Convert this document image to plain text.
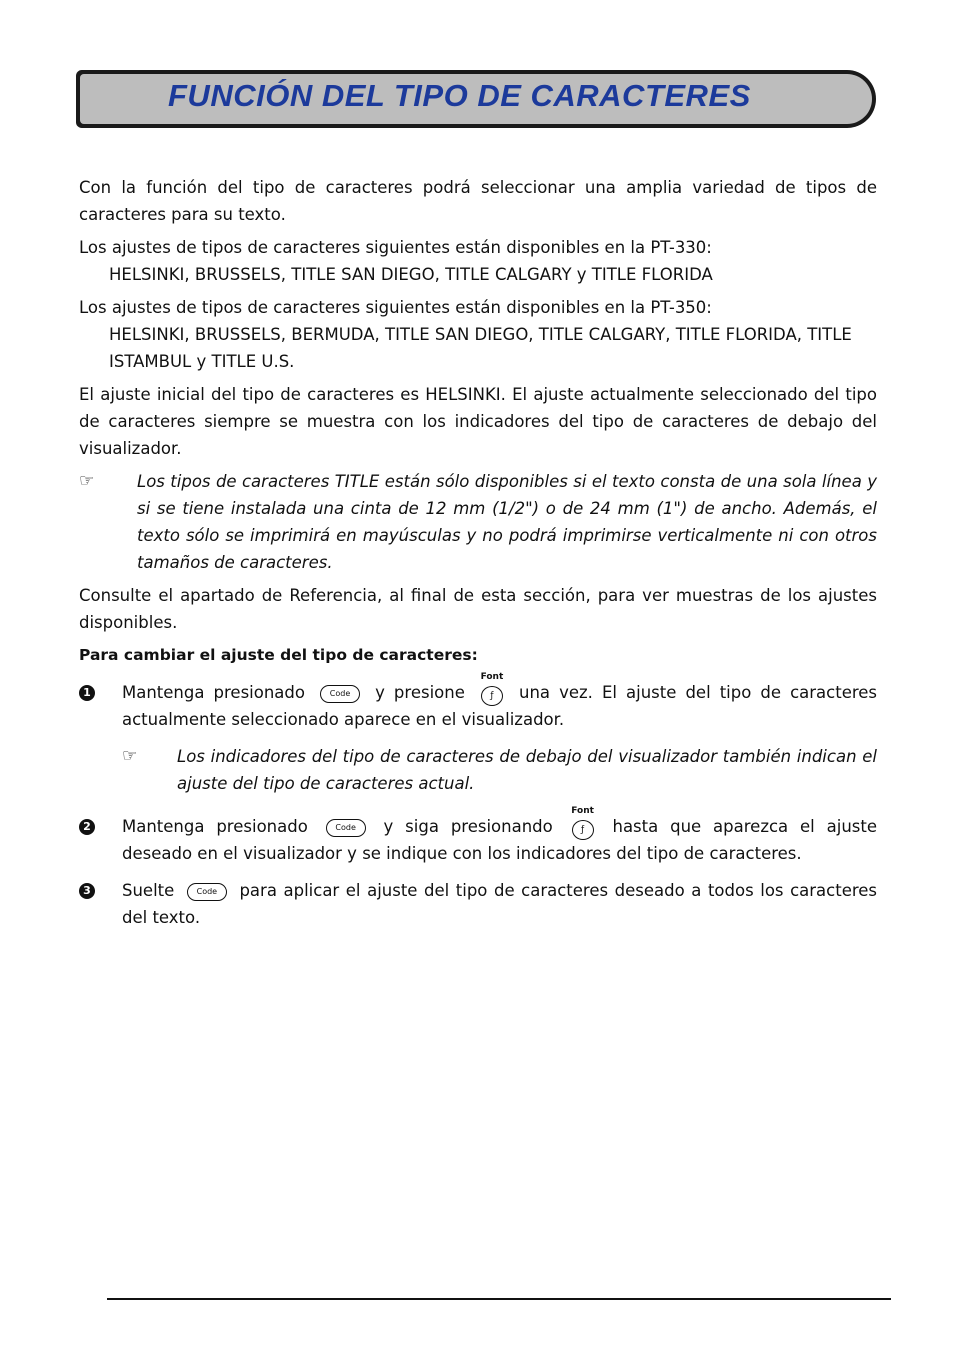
FUNCIÓN DEL TIPO DE CARACTERES

Con la función del tipo de caracteres podrá seleccionar una amplia variedad de tipos de caracteres para su texto.

Los ajustes de tipos de caracteres siguientes están disponibles en la PT-330:

HELSINKI, BRUSSELS, TITLE SAN DIEGO, TITLE CALGARY y TITLE FLORIDA

Los ajustes de tipos de caracteres siguientes están disponibles en la PT-350:

HELSINKI, BRUSSELS, BERMUDA, TITLE SAN DIEGO, TITLE CALGARY, TITLE FLORIDA, TITLE ISTAMBUL y TITLE U.S.

El ajuste inicial del tipo de caracteres es HELSINKI. El ajuste actualmente seleccionado del tipo de caracteres siempre se muestra con los indicadores del tipo de caracteres de debajo del visualizador.

☞	Los tipos de caracteres TITLE están sólo disponibles si el texto consta de una sola línea y si se tiene instalada una cinta de 12 mm (1/2") o de 24 mm (1") de ancho. Además, el texto sólo se imprimirá en mayúsculas y no podrá imprimirse verticalmente ni con otros tamaños de caracteres.

Consulte el apartado de Referencia, al final de esta sección, para ver muestras de los ajustes disponibles.

Para cambiar el ajuste del tipo de caracteres:
1 Mantenga presionado	Code y presione
Font
ƒ	una vez. El ajuste del tipo de caracteres actualmente seleccionado aparece en el visualizador.
☞	Los indicadores del tipo de caracteres de debajo del visualizador también indican el ajuste del tipo de caracteres actual.
2 Mantenga presionado	Code y siga presionando
Font
ƒ	hasta que aparezca el ajuste deseado en el visualizador y se indique con los indicadores del tipo de caracteres.
3 Suelte	Code para aplicar el ajuste del tipo de caracteres deseado a todos los caracteres del texto.
